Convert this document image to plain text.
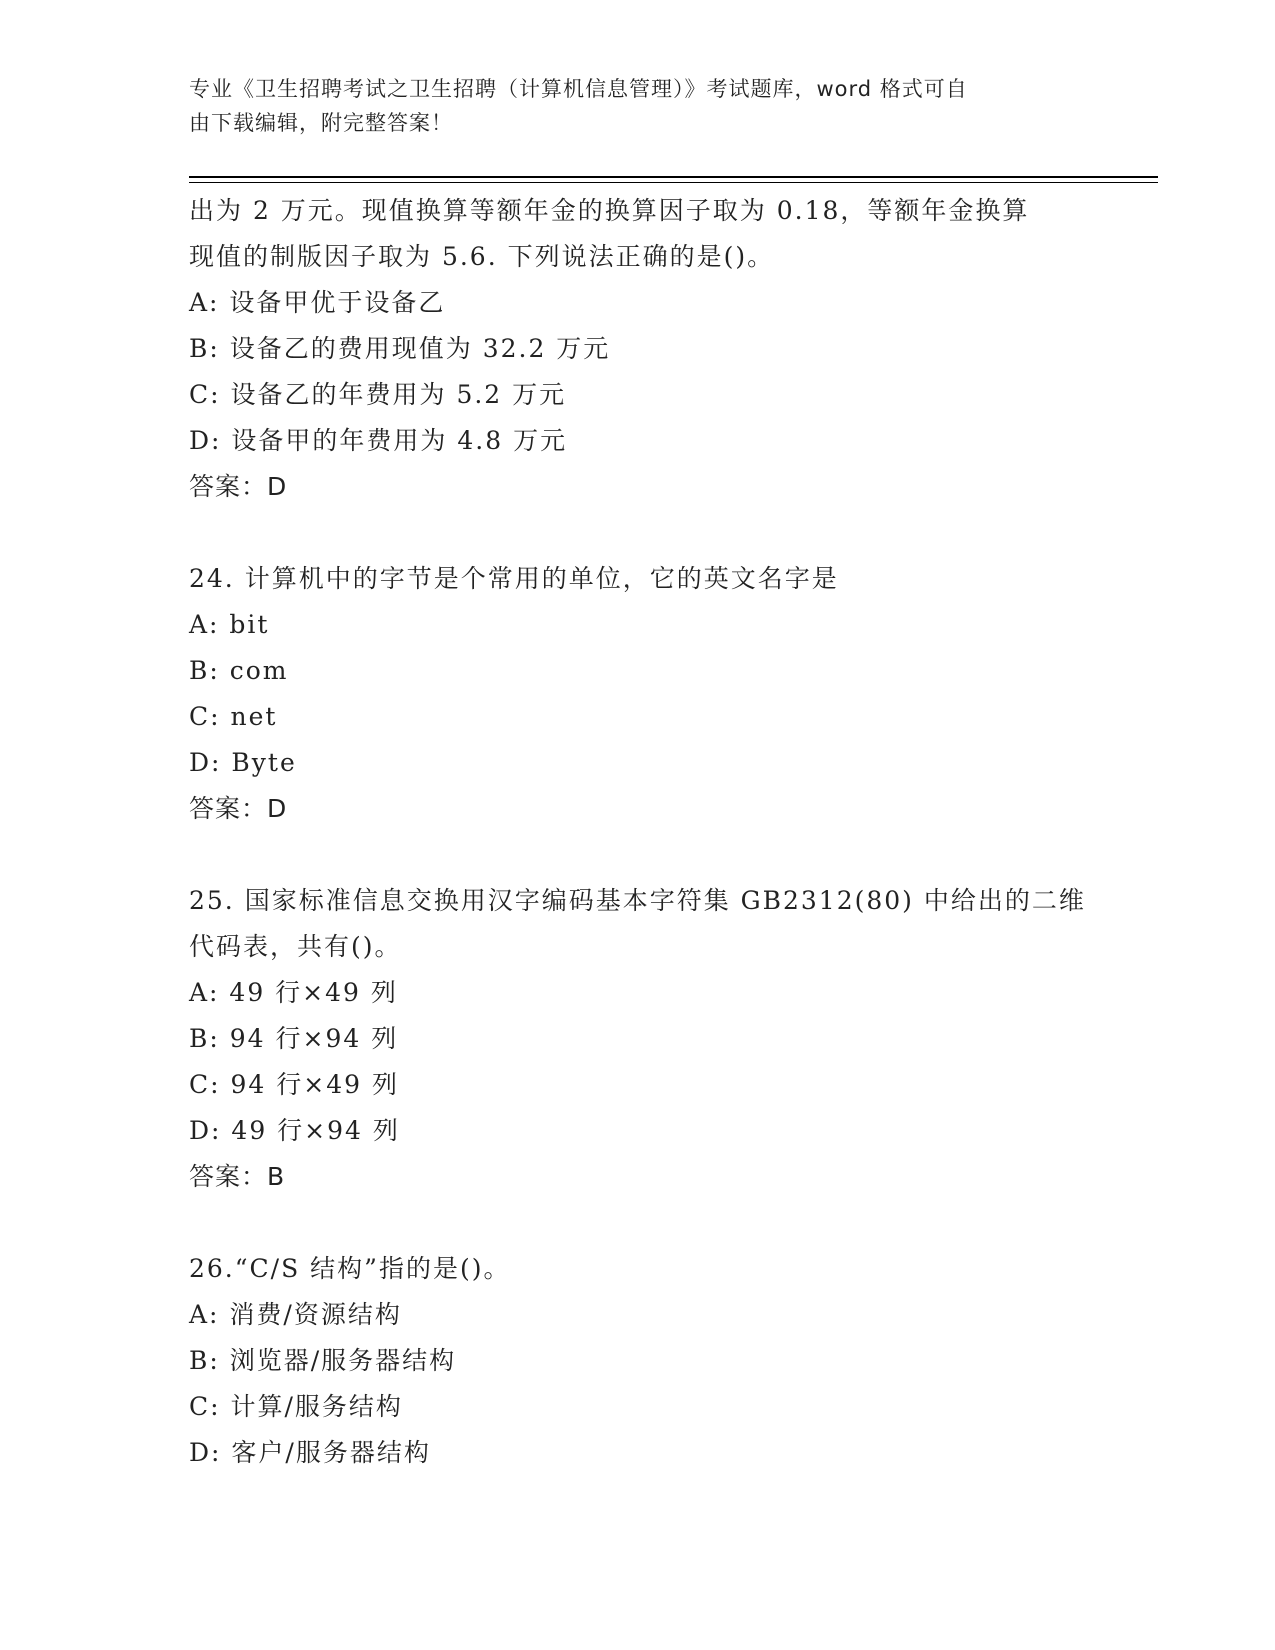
专业《卫生招聘考试之卫生招聘（计算机信息管理）》考试题库，word 格式可自
由下载编辑，附完整答案！
出为 2 万元。现值换算等额年金的换算因子取为 0.18，等额年金换算
现值的制版因子取为 5.6. 下列说法正确的是()。
A: 设备甲优于设备乙
B: 设备乙的费用现值为 32.2 万元
C: 设备乙的年费用为 5.2 万元
D: 设备甲的年费用为 4.8 万元
答案：D
24. 计算机中的字节是个常用的单位，它的英文名字是
A: bit
B: com
C: net
D: Byte
答案：D
25. 国家标准信息交换用汉字编码基本字符集 GB2312(80) 中给出的二维
代码表，共有()。
A: 49 行×49 列
B: 94 行×94 列
C: 94 行×49 列
D: 49 行×94 列
答案：B
26.“C/S 结构”指的是()。
A: 消费/资源结构
B: 浏览器/服务器结构
C: 计算/服务结构
D: 客户/服务器结构
